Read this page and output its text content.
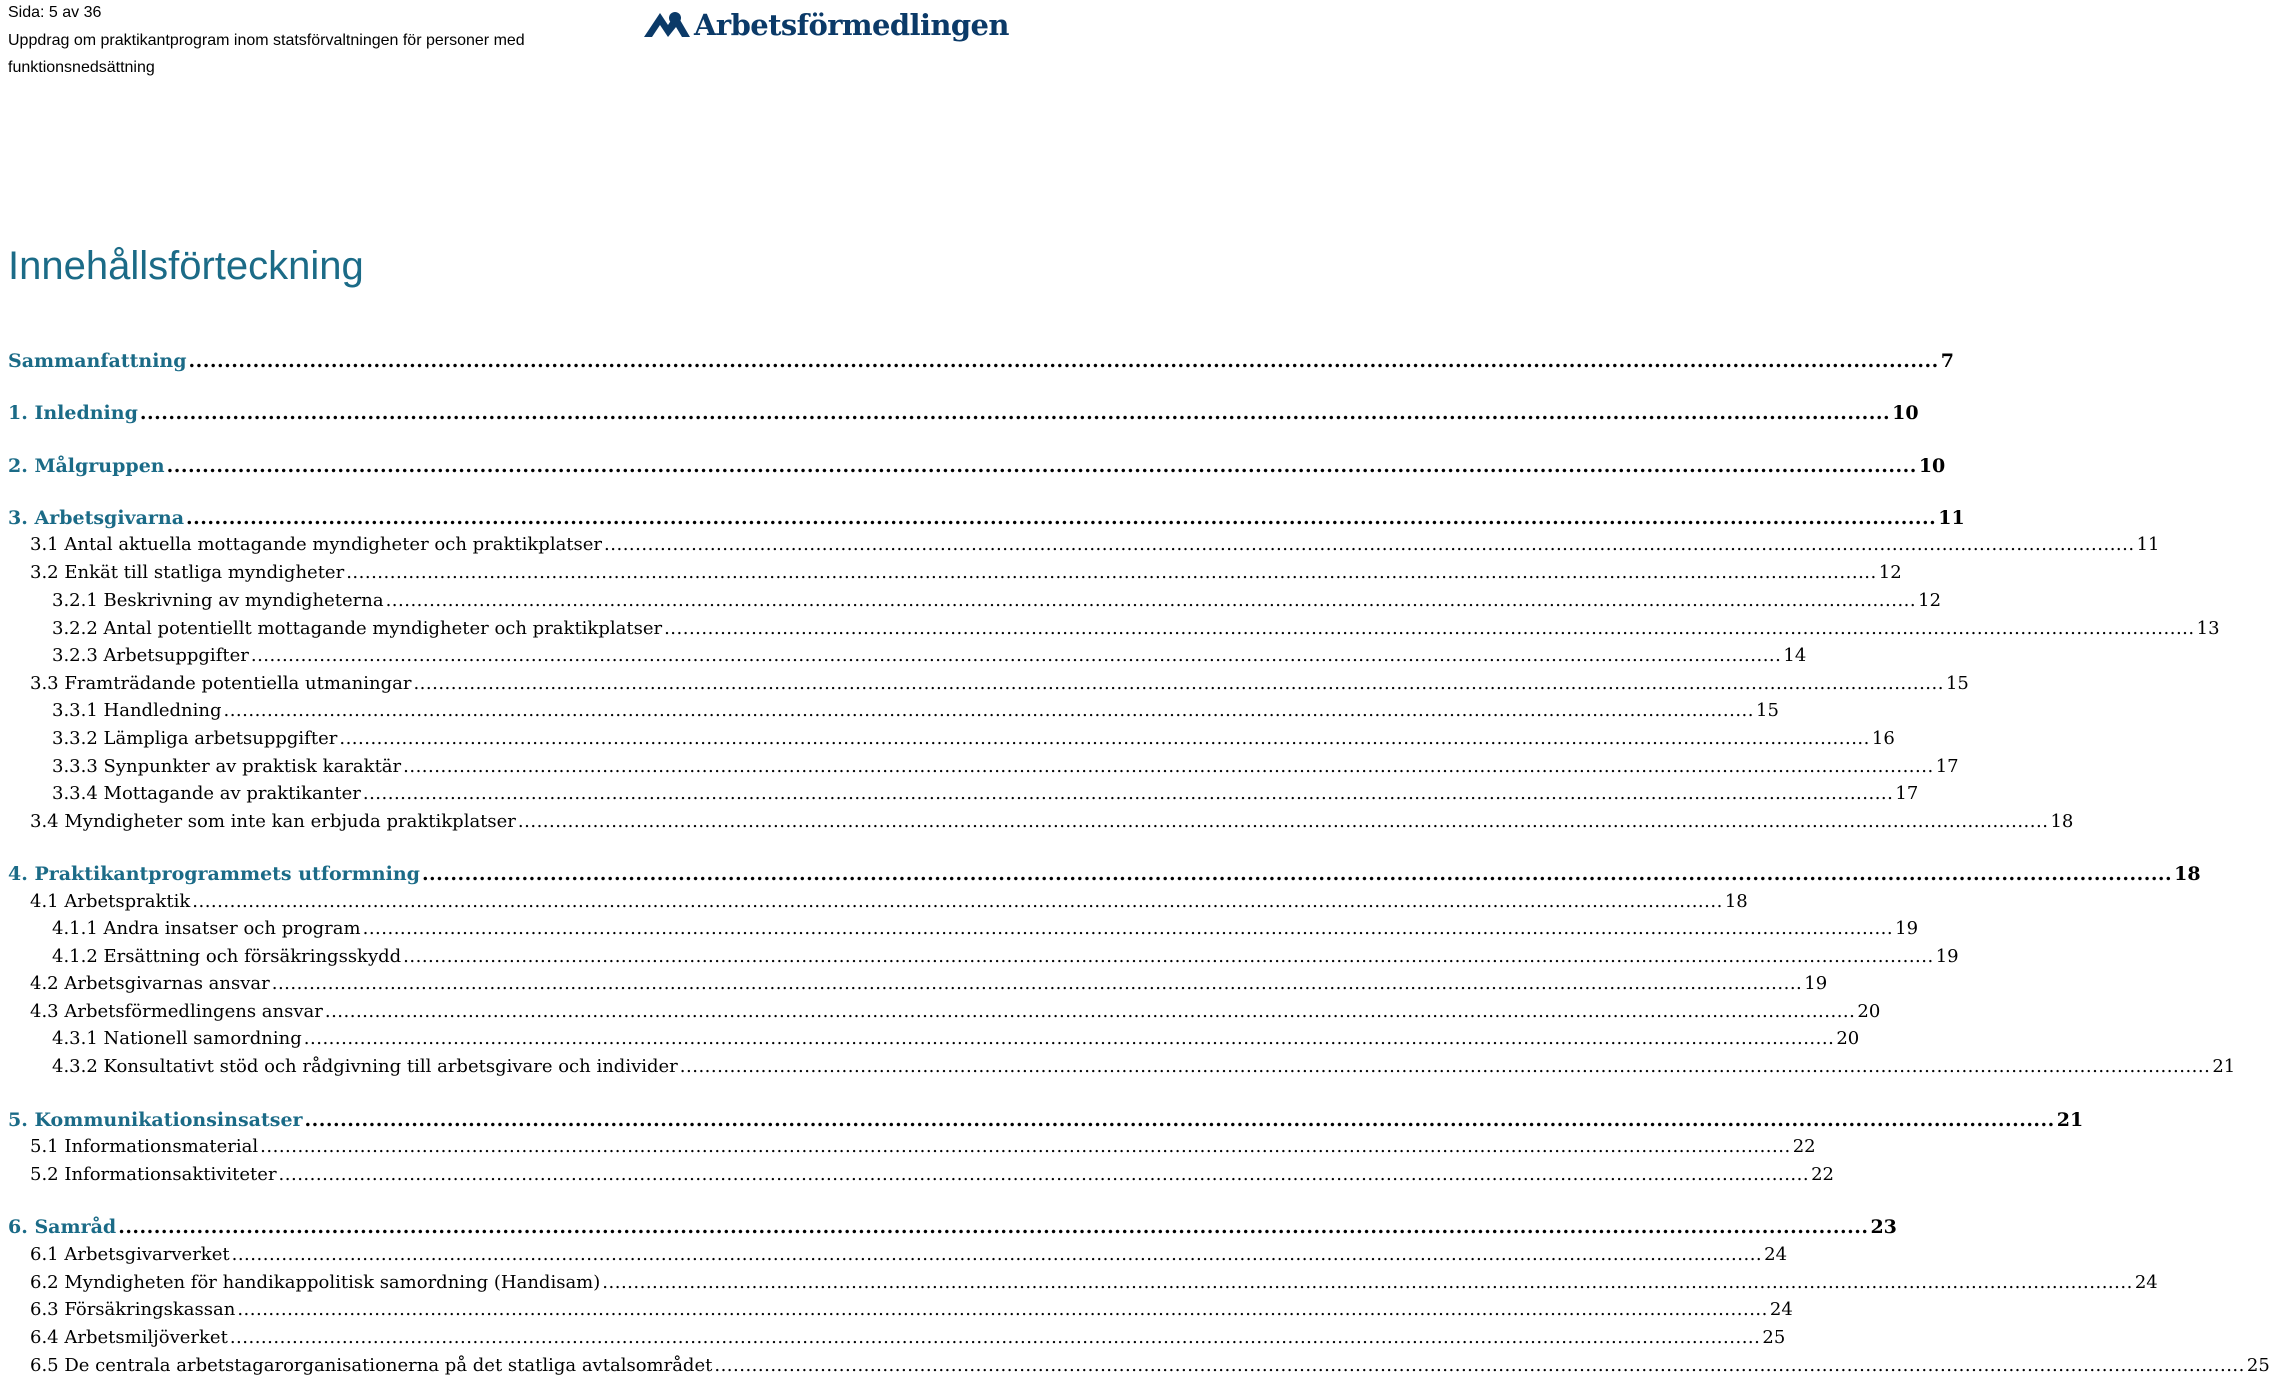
Sida: 5 av 36
Uppdrag om praktikantprogram inom statsförvaltningen för personer med
funktionsnedsättning
Arbetsförmedlingen
Innehållsförteckning
Sammanfattning .....	7
1. Inledning .....	10
2. Målgruppen .....	10
3. Arbetsgivarna .....	11
3.1 Antal aktuella mottagande myndigheter och praktikplatser .....	11
3.2 Enkät till statliga myndigheter .....	12
3.2.1 Beskrivning av myndigheterna .....	12
3.2.2 Antal potentiellt mottagande myndigheter och praktikplatser .....	13
3.2.3 Arbetsuppgifter .....	14
3.3 Framträdande potentiella utmaningar .....	15
3.3.1 Handledning .....	15
3.3.2 Lämpliga arbetsuppgifter .....	16
3.3.3 Synpunkter av praktisk karaktär .....	17
3.3.4 Mottagande av praktikanter .....	17
3.4 Myndigheter som inte kan erbjuda praktikplatser .....	18
4. Praktikantprogrammets utformning .....	18
4.1 Arbetspraktik .....	18
4.1.1 Andra insatser och program .....	19
4.1.2 Ersättning och försäkringsskydd .....	19
4.2 Arbetsgivarnas ansvar .....	19
4.3 Arbetsförmedlingens ansvar .....	20
4.3.1 Nationell samordning .....	20
4.3.2 Konsultativt stöd och rådgivning till arbetsgivare och individer .....	21
5. Kommunikationsinsatser .....	21
5.1 Informationsmaterial .....	22
5.2 Informationsaktiviteter .....	22
6. Samråd .....	23
6.1 Arbetsgivarverket .....	24
6.2 Myndigheten för handikappolitisk samordning (Handisam) .....	24
6.3 Försäkringskassan .....	24
6.4 Arbetsmiljöverket .....	25
6.5 De centrala arbetstagarorganisationerna på det statliga avtalsområdet .....	25
